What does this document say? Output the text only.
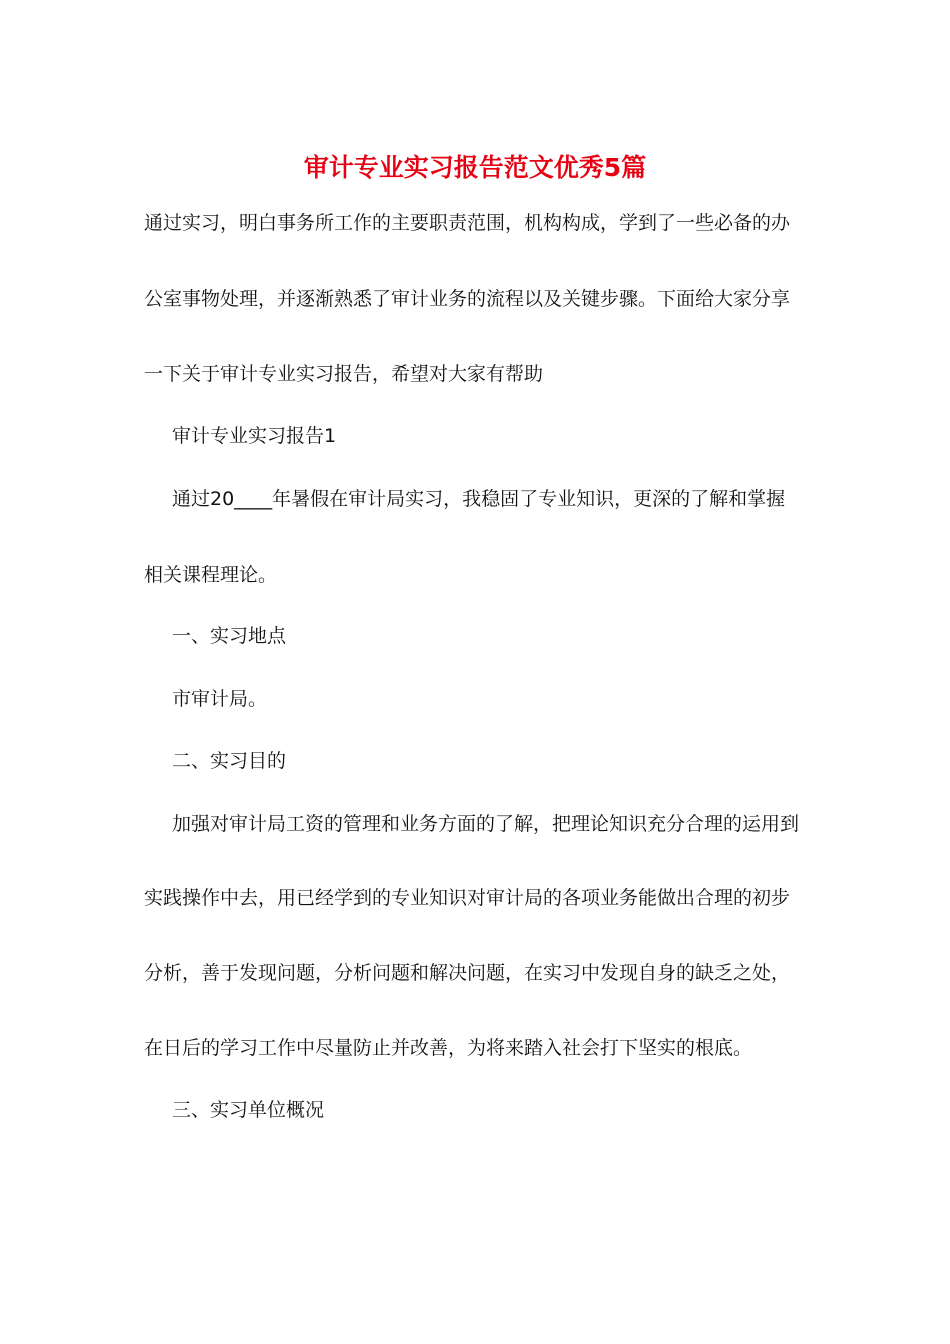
审计专业实习报告范文优秀5篇
通过实习，明白事务所工作的主要职责范围，机构构成，学到了一些必备的办
公室事物处理，并逐渐熟悉了审计业务的流程以及关键步骤。下面给大家分享
一下关于审计专业实习报告，希望对大家有帮助
审计专业实习报告1
通过20____年暑假在审计局实习，我稳固了专业知识，更深的了解和掌握
相关课程理论。
一、实习地点
市审计局。
二、实习目的
加强对审计局工资的管理和业务方面的了解，把理论知识充分合理的运用到
实践操作中去，用已经学到的专业知识对审计局的各项业务能做出合理的初步
分析，善于发现问题，分析问题和解决问题，在实习中发现自身的缺乏之处，
在日后的学习工作中尽量防止并改善，为将来踏入社会打下坚实的根底。
三、实习单位概况
